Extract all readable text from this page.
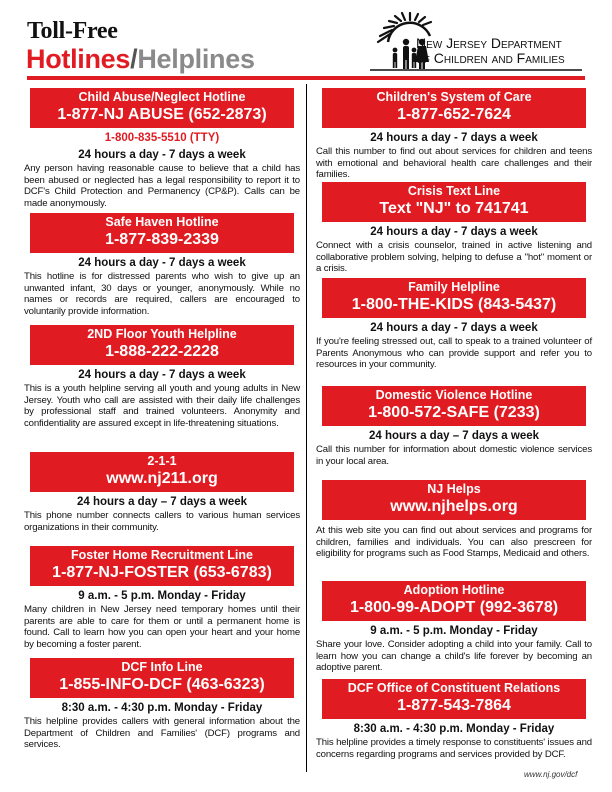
Toll-Free
Hotlines/Helplines
New Jersey Department
of Children and Families
Child Abuse/Neglect Hotline
1-877-NJ ABUSE (652-2873)
1-800-835-5510 (TTY)
24 hours a day - 7 days a week
Any person having reasonable cause to believe that a child has been abused or neglected has a legal responsibility to report it to DCF's Child Protection and Permanency (CP&P). Calls can be made anonymously.
Safe Haven Hotline
1-877-839-2339
24 hours a day - 7 days a week
This hotline is for distressed parents who wish to give up an unwanted infant, 30 days or younger, anonymously. While no names or records are required, callers are encouraged to voluntarily provide information.
2ND Floor Youth Helpline
1-888-222-2228
24 hours a day - 7 days a week
This is a youth helpline serving all youth and young adults in New Jersey. Youth who call are assisted with their daily life challenges by professional staff and trained volunteers. Anonymity and confidentiality are assured except in life-threatening situations.
2-1-1
www.nj211.org
24 hours a day – 7 days a week
This phone number connects callers to various human services organizations in their community.
Foster Home Recruitment Line
1-877-NJ-FOSTER (653-6783)
9 a.m. - 5 p.m. Monday - Friday
Many children in New Jersey need temporary homes until their parents are able to care for them or until a permanent home is found. Call to learn how you can open your heart and your home by becoming a foster parent.
DCF Info Line
1-855-INFO-DCF (463-6323)
8:30 a.m. - 4:30 p.m. Monday - Friday
This helpline provides callers with general information about the Department of Children and Families' (DCF) programs and services.
Children's System of Care
1-877-652-7624
24 hours a day - 7 days a week
Call this number to find out about services for children and teens with emotional and behavioral health care challenges and their families.
Crisis Text Line
Text "NJ" to 741741
24 hours a day - 7 days a week
Connect with a crisis counselor, trained in active listening and collaborative problem solving, helping to defuse a "hot" moment or a crisis.
Family Helpline
1-800-THE-KIDS (843-5437)
24 hours a day - 7 days a week
If you're feeling stressed out, call to speak to a trained volunteer of Parents Anonymous who can provide support and refer you to resources in your community.
Domestic Violence Hotline
1-800-572-SAFE (7233)
24 hours a day – 7 days a week
Call this number for information about domestic violence services in your local area.
NJ Helps
www.njhelps.org
At this web site you can find out about services and programs for children, families and individuals. You can also prescreen for eligibility for programs such as Food Stamps, Medicaid and others.
Adoption Hotline
1-800-99-ADOPT (992-3678)
9 a.m. - 5 p.m. Monday - Friday
Share your love. Consider adopting a child into your family. Call to learn how you can change a child's life forever by becoming an adoptive parent.
DCF Office of Constituent Relations
1-877-543-7864
8:30 a.m. - 4:30 p.m. Monday - Friday
This helpline provides a timely response to constituents' issues and concerns regarding programs and services provided by DCF.
www.nj.gov/dcf
